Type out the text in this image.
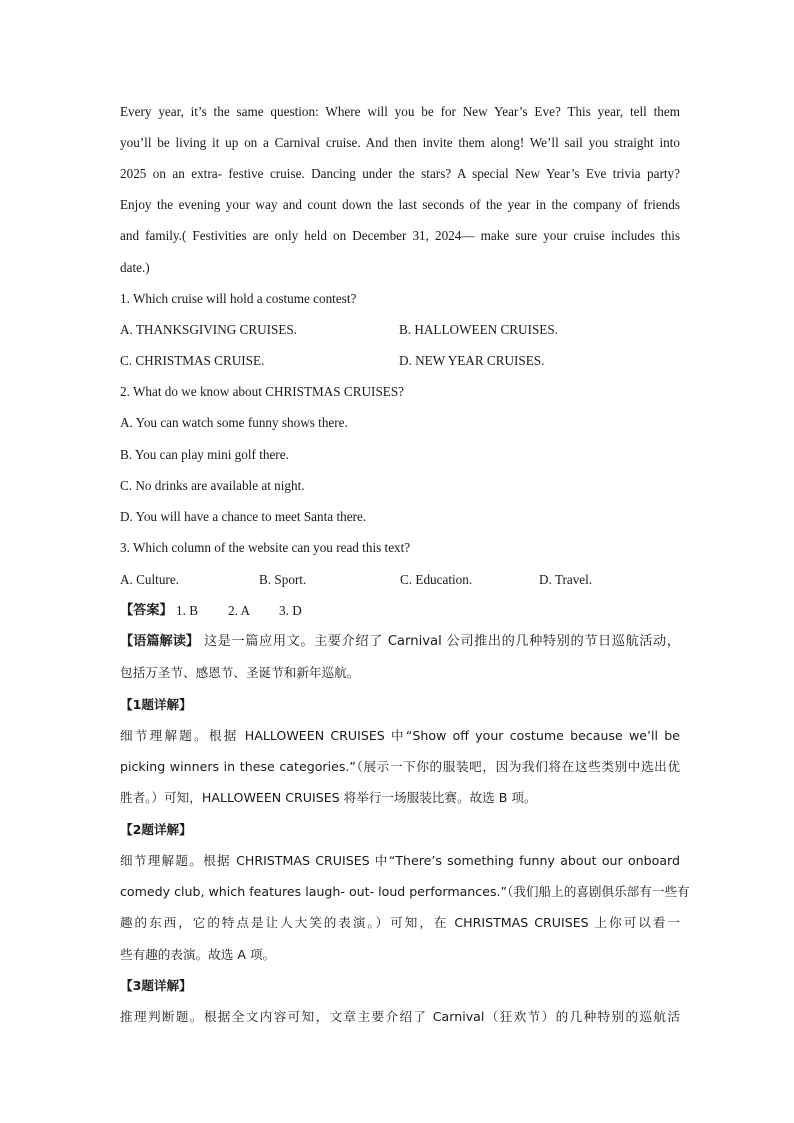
Every year, it’s the same question: Where will you be for New Year’s Eve? This year, tell them
you’ll be living it up on a Carnival cruise. And then invite them along! We’ll sail you straight into
2025 on an extra- festive cruise. Dancing under the stars? A special New Year’s Eve trivia party?
Enjoy the evening your way and count down the last seconds of the year in the company of friends
and family.( Festivities are only held on December 31, 2024— make sure your cruise includes this
date.)
1. Which cruise will hold a costume contest?
A. THANKSGIVING CRUISES.	B. HALLOWEEN CRUISES.
C. CHRISTMAS CRUISE.	D. NEW YEAR CRUISES.
2. What do we know about CHRISTMAS CRUISES?
A. You can watch some funny shows there.
B. You can play mini golf there.
C. No drinks are available at night.
D. You will have a chance to meet Santa there.
3. Which column of the website can you read this text?
A. Culture.	B. Sport.	C. Education.	D. Travel.
【答案】 1. B 2. A 3. D
【语篇解读】 这是一篇应用文。主要介绍了 Carnival 公司推出的几种特别的节日巡航活动，
包括万圣节、感恩节、圣诞节和新年巡航。
【1题详解】
细节理解题。根据 HALLOWEEN CRUISES 中“Show off your costume because we’ll be
picking winners in these categories.”（展示一下你的服装吧，因为我们将在这些类别中选出优
胜者。）可知，HALLOWEEN CRUISES 将举行一场服装比赛。故选 B 项。
【2题详解】
细节理解题。根据 CHRISTMAS CRUISES 中“There’s something funny about our onboard
comedy club, which features laugh- out- loud performances.”（我们船上的喜剧俱乐部有一些有
趣的东西，它的特点是让人大笑的表演。）可知，在 CHRISTMAS CRUISES 上你可以看一
些有趣的表演。故选 A 项。
【3题详解】
推理判断题。根据全文内容可知，文章主要介绍了 Carnival（狂欢节）的几种特别的巡航活
